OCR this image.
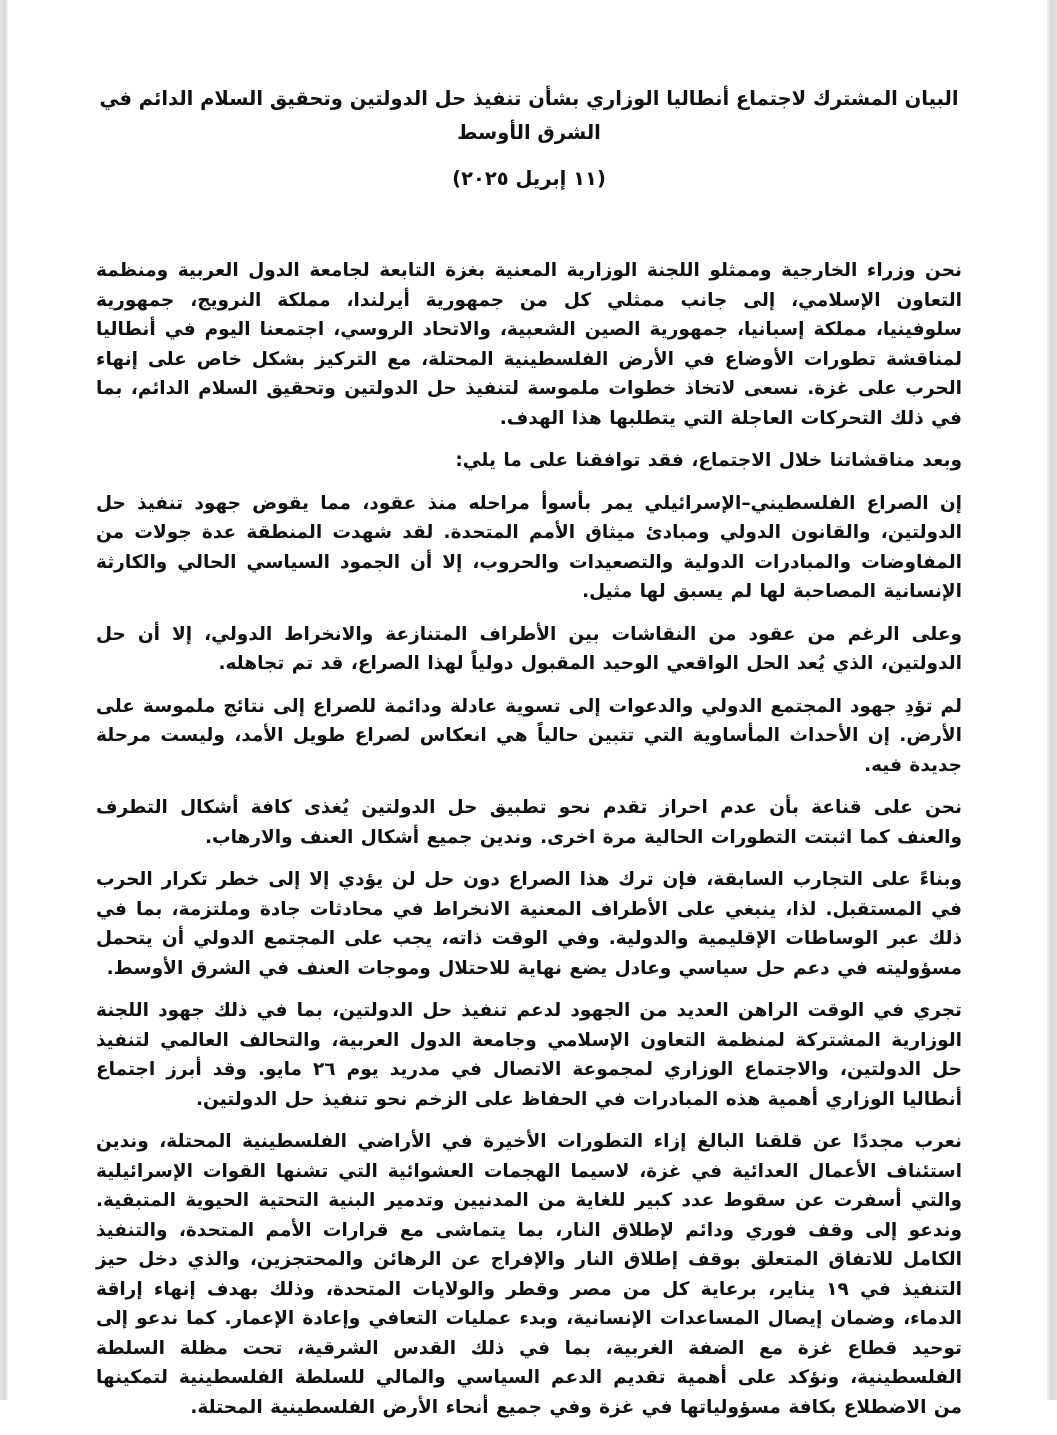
البيان المشترك لاجتماع أنطاليا الوزاري بشأن تنفيذ حل الدولتين وتحقيق السلام الدائم في الشرق الأوسط
(١١ إبريل ٢٠٢٥)

نحن وزراء الخارجية وممثلو اللجنة الوزارية المعنية بغزة التابعة لجامعة الدول العربية ومنظمة التعاون الإسلامي، إلى جانب ممثلي كل من جمهورية أيرلندا، مملكة النرويج، جمهورية سلوفينيا، مملكة إسبانيا، جمهورية الصين الشعبية، والاتحاد الروسي، اجتمعنا اليوم في أنطاليا لمناقشة تطورات الأوضاع في الأرض الفلسطينية المحتلة، مع التركيز بشكل خاص على إنهاء الحرب على غزة. نسعى لاتخاذ خطوات ملموسة لتنفيذ حل الدولتين وتحقيق السلام الدائم، بما في ذلك التحركات العاجلة التي يتطلبها هذا الهدف.

وبعد مناقشاتنا خلال الاجتماع، فقد توافقنا على ما يلي:

إن الصراع الفلسطيني–الإسرائيلي يمر بأسوأ مراحله منذ عقود، مما يقوض جهود تنفيذ حل الدولتين، والقانون الدولي ومبادئ ميثاق الأمم المتحدة. لقد شهدت المنطقة عدة جولات من المفاوضات والمبادرات الدولية والتصعيدات والحروب، إلا أن الجمود السياسي الحالي والكارثة الإنسانية المصاحبة لها لم يسبق لها مثيل.

وعلى الرغم من عقود من النقاشات بين الأطراف المتنازعة والانخراط الدولي، إلا أن حل الدولتين، الذي يُعد الحل الواقعي الوحيد المقبول دولياً لهذا الصراع، قد تم تجاهله.

لم تؤدِ جهود المجتمع الدولي والدعوات إلى تسوية عادلة ودائمة للصراع إلى نتائج ملموسة على الأرض. إن الأحداث المأساوية التي تتبين حالياً هي انعكاس لصراع طويل الأمد، وليست مرحلة جديدة فيه.

نحن على قناعة بأن عدم احراز تقدم نحو تطبيق حل الدولتين يُغذى كافة أشكال التطرف والعنف كما اثبتت التطورات الحالية مرة اخرى. وندين جميع أشكال العنف والارهاب.

وبناءً على التجارب السابقة، فإن ترك هذا الصراع دون حل لن يؤدي إلا إلى خطر تكرار الحرب في المستقبل. لذا، ينبغي على الأطراف المعنية الانخراط في محادثات جادة وملتزمة، بما في ذلك عبر الوساطات الإقليمية والدولية. وفي الوقت ذاته، يجب على المجتمع الدولي أن يتحمل مسؤوليته في دعم حل سياسي وعادل يضع نهاية للاحتلال وموجات العنف في الشرق الأوسط.

تجري في الوقت الراهن العديد من الجهود لدعم تنفيذ حل الدولتين، بما في ذلك جهود اللجنة الوزارية المشتركة لمنظمة التعاون الإسلامي وجامعة الدول العربية، والتحالف العالمي لتنفيذ حل الدولتين، والاجتماع الوزاري لمجموعة الاتصال في مدريد يوم ٢٦ مايو. وقد أبرز اجتماع أنطاليا الوزاري أهمية هذه المبادرات في الحفاظ على الزخم نحو تنفيذ حل الدولتين.

نعرب مجددًا عن قلقنا البالغ إزاء التطورات الأخيرة في الأراضي الفلسطينية المحتلة، وندين استئناف الأعمال العدائية في غزة، لاسيما الهجمات العشوائية التي تشنها القوات الإسرائيلية والتي أسفرت عن سقوط عدد كبير للغاية من المدنيين وتدمير البنية التحتية الحيوية المتبقية. وندعو إلى وقف فوري ودائم لإطلاق النار، بما يتماشى مع قرارات الأمم المتحدة، والتنفيذ الكامل للاتفاق المتعلق بوقف إطلاق النار والإفراج عن الرهائن والمحتجزين، والذي دخل حيز التنفيذ في ١٩ يناير، برعاية كل من مصر وقطر والولايات المتحدة، وذلك بهدف إنهاء إراقة الدماء، وضمان إيصال المساعدات الإنسانية، وبدء عمليات التعافي وإعادة الإعمار. كما ندعو إلى توحيد قطاع غزة مع الضفة الغربية، بما في ذلك القدس الشرقية، تحت مظلة السلطة الفلسطينية، ونؤكد على أهمية تقديم الدعم السياسي والمالي للسلطة الفلسطينية لتمكينها من الاضطلاع بكافة مسؤولياتها في غزة وفي جميع أنحاء الأرض الفلسطينية المحتلة.
